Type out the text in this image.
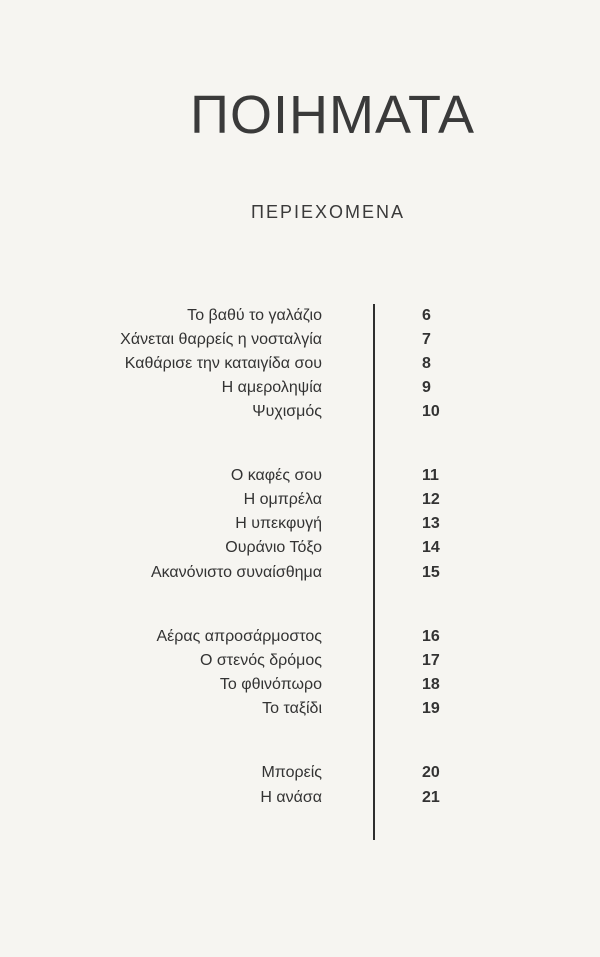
ΠΟΙΗΜΑΤΑ
ΠΕΡΙΕΧΟΜΕΝΑ
Το βαθύ το γαλάζιο	6
Χάνεται θαρρείς η νοσταλγία	7
Καθάρισε την καταιγίδα σου	8
Η αμεροληψία	9
Ψυχισμός	10
Ο καφές σου	11
Η ομπρέλα	12
Η υπεκφυγή	13
Ουράνιο Τόξο	14
Ακανόνιστο συναίσθημα	15
Αέρας απροσάρμοστος	16
Ο στενός δρόμος	17
Το φθινόπωρο	18
Το ταξίδι	19
Μπορείς	20
Η ανάσα	21
